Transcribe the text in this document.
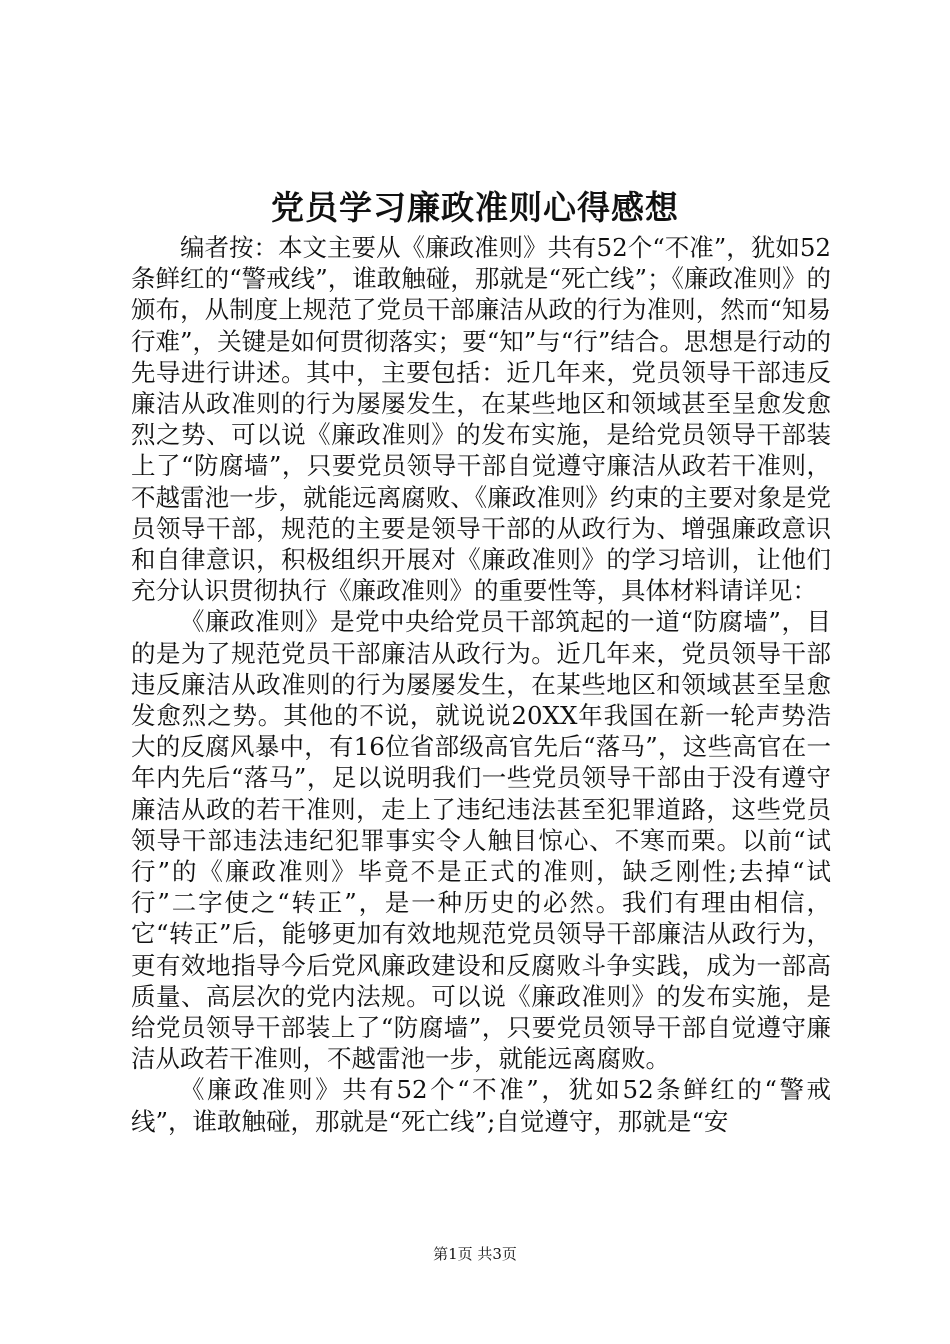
党员学习廉政准则心得感想

编者按：本文主要从《廉政准则》共有52个“不准”，犹如52条鲜红的“警戒线”，谁敢触碰，那就是“死亡线”；《廉政准则》的颁布，从制度上规范了党员干部廉洁从政的行为准则，然而“知易行难”，关键是如何贯彻落实；要“知”与“行”结合。思想是行动的先导进行讲述。其中，主要包括：近几年来，党员领导干部违反廉洁从政准则的行为屡屡发生，在某些地区和领域甚至呈愈发愈烈之势、可以说《廉政准则》的发布实施，是给党员领导干部装上了“防腐墙”，只要党员领导干部自觉遵守廉洁从政若干准则，不越雷池一步，就能远离腐败、《廉政准则》约束的主要对象是党员领导干部，规范的主要是领导干部的从政行为、增强廉政意识和自律意识，积极组织开展对《廉政准则》的学习培训，让他们充分认识贯彻执行《廉政准则》的重要性等，具体材料请详见：

《廉政准则》是党中央给党员干部筑起的一道“防腐墙”，目的是为了规范党员干部廉洁从政行为。近几年来，党员领导干部违反廉洁从政准则的行为屡屡发生，在某些地区和领域甚至呈愈发愈烈之势。其他的不说，就说说20XX年我国在新一轮声势浩大的反腐风暴中，有16位省部级高官先后“落马”，这些高官在一年内先后“落马”，足以说明我们一些党员领导干部由于没有遵守廉洁从政的若干准则，走上了违纪违法甚至犯罪道路，这些党员领导干部违法违纪犯罪事实令人触目惊心、不寒而栗。以前“试行”的《廉政准则》毕竟不是正式的准则，缺乏刚性;去掉“试行”二字使之“转正”，是一种历史的必然。我们有理由相信，它“转正”后，能够更加有效地规范党员领导干部廉洁从政行为，更有效地指导今后党风廉政建设和反腐败斗争实践，成为一部高质量、高层次的党内法规。可以说《廉政准则》的发布实施，是给党员领导干部装上了“防腐墙”，只要党员领导干部自觉遵守廉洁从政若干准则，不越雷池一步，就能远离腐败。

《廉政准则》共有52个“不准”，犹如52条鲜红的“警戒线”，谁敢触碰，那就是“死亡线”;自觉遵守，那就是“安

第1页 共3页
